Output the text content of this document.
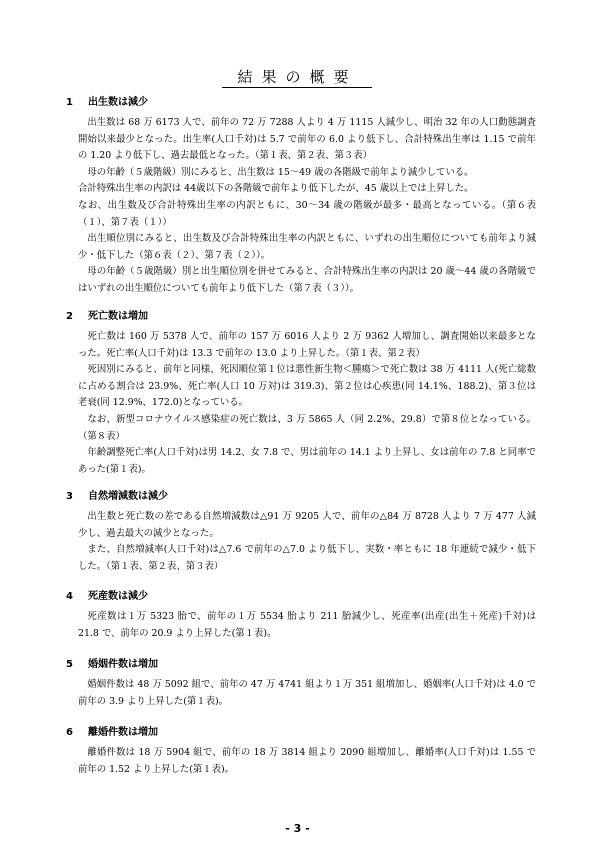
結果の概要

1 出生数は減少

出生数は 68 万 6173 人で、前年の 72 万 7288 人より 4 万 1115 人減少し、明治 32 年の人口動態調査開始以来最少となった。出生率(人口千対)は 5.7 で前年の 6.0 より低下し、合計特殊出生率は 1.15 で前年の 1.20 より低下し、過去最低となった。（第１表、第２表、第３表）

母の年齢（５歳階級）別にみると、出生数は 15～49 歳の各階級で前年より減少している。

合計特殊出生率の内訳は 44歳以下の各階級で前年より低下したが、45 歳以上では上昇した。

なお、出生数及び合計特殊出生率の内訳ともに、30～34 歳の階級が最多・最高となっている。（第６表（１）、第７表（１））

出生順位別にみると、出生数及び合計特殊出生率の内訳ともに、いずれの出生順位についても前年より減少・低下した（第６表（２）、第７表（２））。

母の年齢（５歳階級）別と出生順位別を併せてみると、合計特殊出生率の内訳は 20 歳～44 歳の各階級ではいずれの出生順位についても前年より低下した（第７表（３））。

2 死亡数は増加

死亡数は 160 万 5378 人で、前年の 157 万 6016 人より 2 万 9362 人増加し、調査開始以来最多となった。死亡率(人口千対)は 13.3 で前年の 13.0 より上昇した。（第１表、第２表）

死因別にみると、前年と同様、死因順位第１位は悪性新生物＜腫瘍＞で死亡数は 38 万 4111 人(死亡総数に占める割合は 23.9%、死亡率(人口 10 万対)は 319.3)、第２位は心疾患(同 14.1%、188.2)、第３位は老衰(同 12.9%、172.0)となっている。

なお、新型コロナウイルス感染症の死亡数は、3 万 5865 人（同 2.2%、29.8）で第８位となっている。（第８表）

年齢調整死亡率(人口千対)は男 14.2、女 7.8 で、男は前年の 14.1 より上昇し、女は前年の 7.8 と同率であった(第１表)。

3 自然増減数は減少

出生数と死亡数の差である自然増減数は△91 万 9205 人で、前年の△84 万 8728 人より 7 万 477 人減少し、過去最大の減少となった。

また、自然増減率(人口千対)は△7.6 で前年の△7.0 より低下し、実数・率ともに 18 年連続で減少・低下した。（第１表、第２表、第３表）

4 死産数は減少

死産数は１万 5323 胎で、前年の１万 5534 胎より 211 胎減少し、死産率(出産(出生＋死産)千対)は 21.8 で、前年の 20.9 より上昇した(第１表)。

5 婚姻件数は増加

婚姻件数は 48 万 5092 組で、前年の 47 万 4741 組より１万 351 組増加し、婚姻率(人口千対)は 4.0 で前年の 3.9 より上昇した(第１表)。

6 離婚件数は増加

離婚件数は 18 万 5904 組で、前年の 18 万 3814 組より 2090 組増加し、離婚率(人口千対)は 1.55 で前年の 1.52 より上昇した(第１表)。

- 3 -
